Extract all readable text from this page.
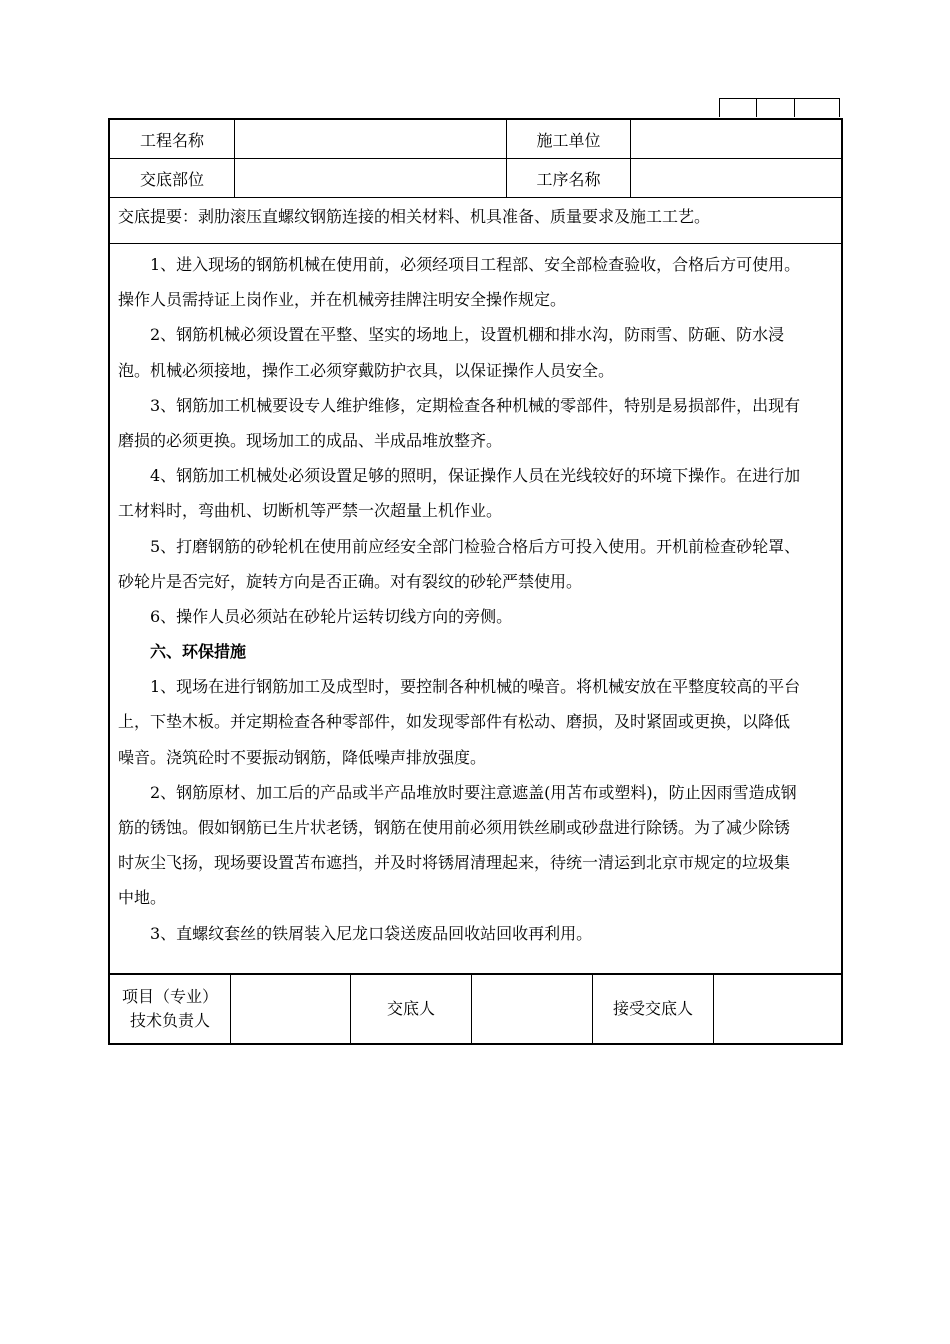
工程名称	施工单位
交底部位	工序名称
交底提要：剥肋滚压直螺纹钢筋连接的相关材料、机具准备、质量要求及施工工艺。
1、进入现场的钢筋机械在使用前，必须经项目工程部、安全部检查验收，合格后方可使用。
操作人员需持证上岗作业，并在机械旁挂牌注明安全操作规定。
2、钢筋机械必须设置在平整、坚实的场地上，设置机棚和排水沟，防雨雪、防砸、防水浸
泡。机械必须接地，操作工必须穿戴防护衣具，以保证操作人员安全。
3、钢筋加工机械要设专人维护维修，定期检查各种机械的零部件，特别是易损部件，出现有
磨损的必须更换。现场加工的成品、半成品堆放整齐。
4、钢筋加工机械处必须设置足够的照明，保证操作人员在光线较好的环境下操作。在进行加
工材料时，弯曲机、切断机等严禁一次超量上机作业。
5、打磨钢筋的砂轮机在使用前应经安全部门检验合格后方可投入使用。开机前检查砂轮罩、
砂轮片是否完好，旋转方向是否正确。对有裂纹的砂轮严禁使用。
6、操作人员必须站在砂轮片运转切线方向的旁侧。
六、环保措施
1、现场在进行钢筋加工及成型时，要控制各种机械的噪音。将机械安放在平整度较高的平台
上，下垫木板。并定期检查各种零部件，如发现零部件有松动、磨损，及时紧固或更换，以降低
噪音。浇筑砼时不要振动钢筋，降低噪声排放强度。
2、钢筋原材、加工后的产品或半产品堆放时要注意遮盖(用苫布或塑料)，防止因雨雪造成钢
筋的锈蚀。假如钢筋已生片状老锈，钢筋在使用前必须用铁丝刷或砂盘进行除锈。为了减少除锈
时灰尘飞扬，现场要设置苫布遮挡，并及时将锈屑清理起来，待统一清运到北京市规定的垃圾集
中地。
3、直螺纹套丝的铁屑装入尼龙口袋送废品回收站回收再利用。
项目（专业）
技术负责人
交底人	接受交底人
